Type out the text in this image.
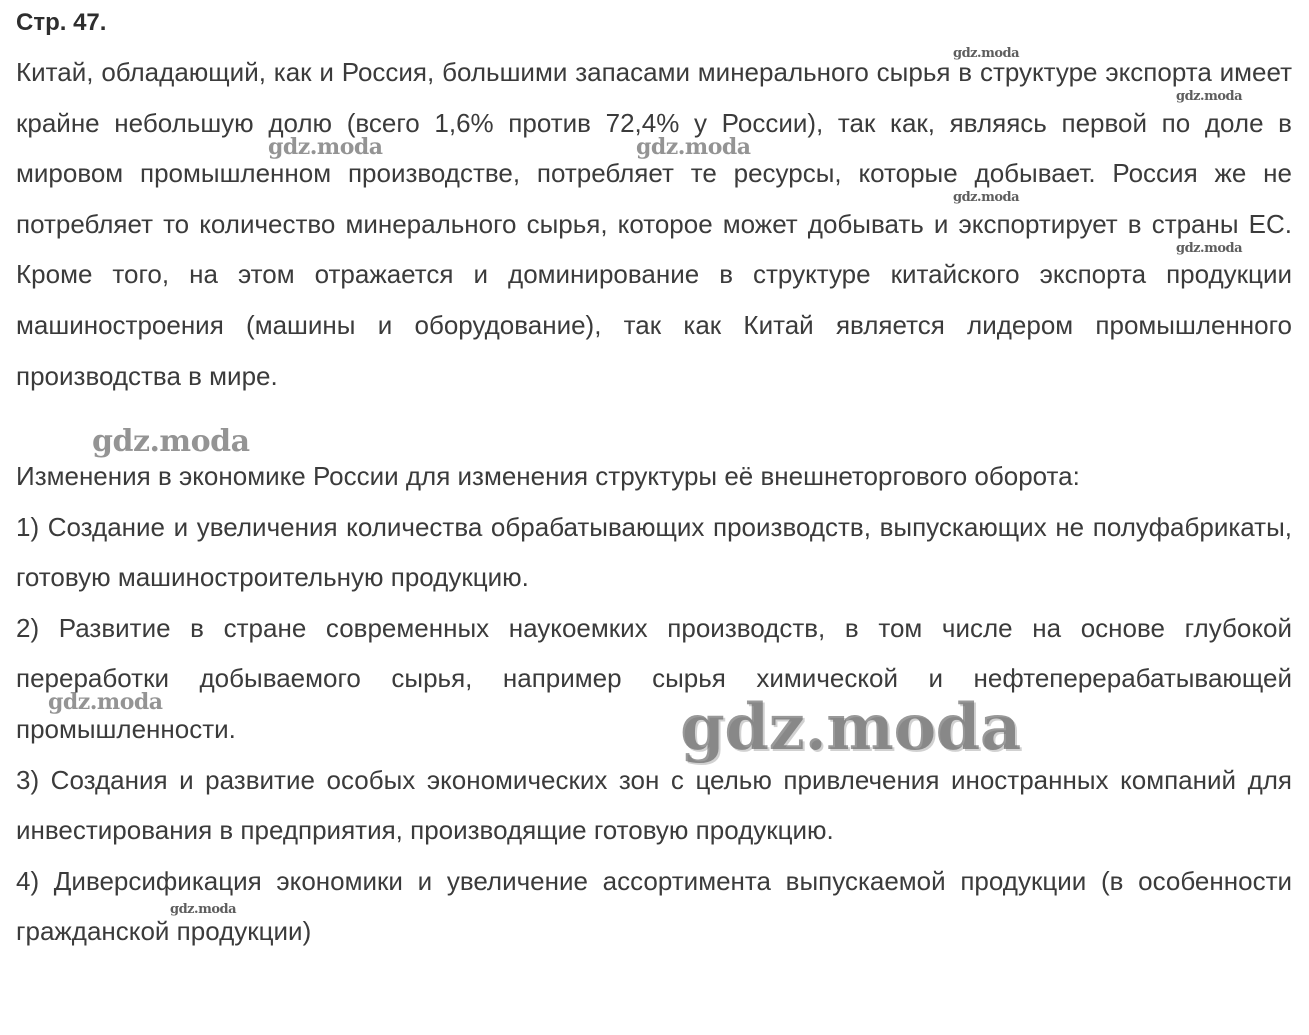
Стр. 47.

Китай, обладающий, как и Россия, большими запасами минерального сырья в структуре экспорта имеет крайне небольшую долю (всего 1,6% против 72,4% у России), так как, являясь первой по доле в мировом промышленном производстве, потребляет те ресурсы, которые добывает. Россия же не потребляет то количество минерального сырья, которое может добывать и экспортирует в страны ЕС. Кроме того, на этом отражается и доминирование в структуре китайского экспорта продукции машиностроения (машины и оборудование), так как Китай является лидером промышленного производства в мире.

Изменения в экономике России для изменения структуры её внешнеторгового оборота:

1) Создание и увеличения количества обрабатывающих производств, выпускающих не полуфабрикаты, готовую машиностроительную продукцию.

2) Развитие в стране современных наукоемких производств, в том числе на основе глубокой переработки добываемого сырья, например сырья химической и нефтеперерабатывающей промышленности.

3) Создания и развитие особых экономических зон с целью привлечения иностранных компаний для инвестирования в предприятия, производящие готовую продукцию.

4) Диверсификация экономики и увеличение ассортимента выпускаемой продукции (в особенности гражданской продукции)

gdz.moda
gdz.moda
gdz.moda	gdz.moda
gdz.moda
gdz.moda
gdz.moda
gdz.moda	gdz.moda
gdz.moda
